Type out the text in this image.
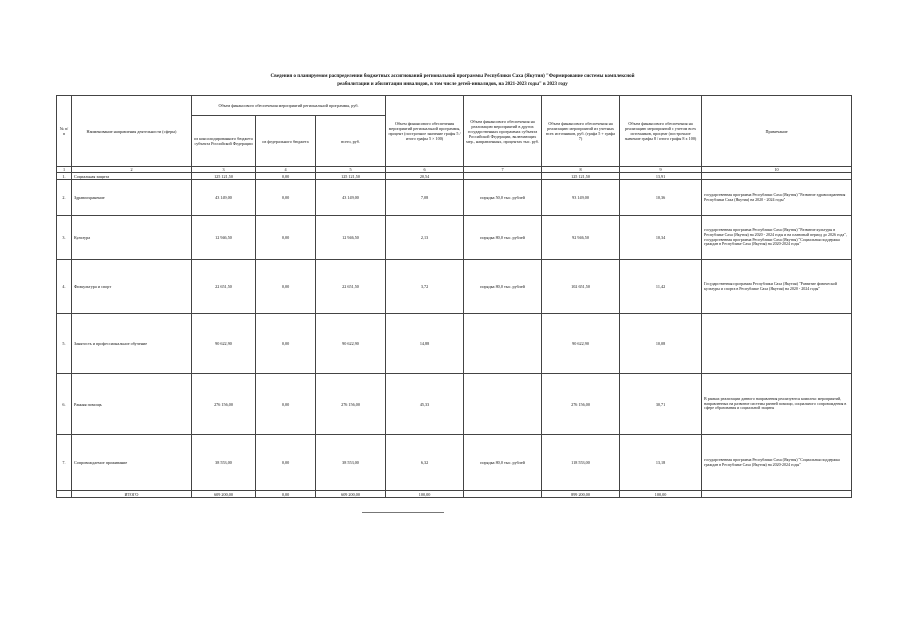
Сведения о планируемом распределении бюджетных ассигнований региональной программы Республики Саха (Якутия) "Формирование системы комплексной
реабилитации и абилитации инвалидов, в том числе детей-инвалидов, на 2021-2023 годы" в 2023 году
№ п/п	Наименование направления деятельности (сферы)	Объем финансового обеспечения мероприятий региональной программы, руб.			Объем финансового обеспечения мероприятий региональной программы, процент (построчное значение графы 5 / итого графы 5 × 100)	Объем финансового обеспечения на реализацию мероприятий в других государственных программах субъекта Российской Федерации, включающих мер., направленных, процентах тыс. руб.	Объем финансового обеспечения на реализацию мероприятий из учетных всех источников, руб. (графа 5 + графа 7)	Объем финансового обеспечения на реализацию мероприятий с учетом всех источников, процент (построчное значение графы 8 / итого графы 8 х 100)	Примечание
		из консолидированного бюджета субъекта Российской Федерации	из федерального бюджета	всего, руб.					
1	2	3	4	5	6	7	8	9	10
1.	Социальная защита	125 121,50	0,00	125 121,50	20,54		125 121,50	13,91	
2.	Здравоохранение	43 149,00	0,00	43 149,00	7,08	порядка 50,0 тыс. рублей	93 149,00	10,36	государственная программа Республики Саха (Якутия) "Развитие здравоохранения Республики Саха (Якутия) на 2020 - 2024 годы"
3.	Культура	12 946,50	0,00	12 946,50	2,13	порядка 80,0 тыс. рублей	92 946,50	10,34	государственная программа Республики Саха (Якутия) "Развитие культуры в Республике Саха (Якутия) на 2020 - 2024 годы и на плановый период до 2026 года", государственная программа Республики Саха (Якутия) "Социальная поддержка граждан в Республике Саха (Якутия) на 2020-2024 годы"
4.	Физкультура и спорт	22 651,50	0,00	22 651,50	3,72	порядка 80,0 тыс. рублей	102 651,50	11,42	Государственная программа Республики Саха (Якутия) "Развитие физической культуры и спорта в Республике Саха (Якутия) на 2020 - 2024 годы"
5.	Занятость и профессиональное обучение	90 622,90	0,00	90 622,90	14,88		90 622,90	10,08	
6.	Ранняя помощь	276 156,00	0,00	276 156,00	45,33		276 156,00	30,71	В рамках реализации данного направления реализуются комплекс мероприятий, направленных на развитие системы ранней помощи, социального сопровождения в сфере образования и социальной защиты
7.	Сопровождаемое проживание	38 553,00	0,00	38 553,00	6,32	порядка 80,0 тыс. рублей	118 553,00	13,18	государственная программа Республики Саха (Якутия) "Социальная поддержка граждан в Республике Саха (Якутия) на 2020-2024 годы"
	ИТОГО	609 200,00	0,00	609 200,00	100,00		899 200,00	100,00	
